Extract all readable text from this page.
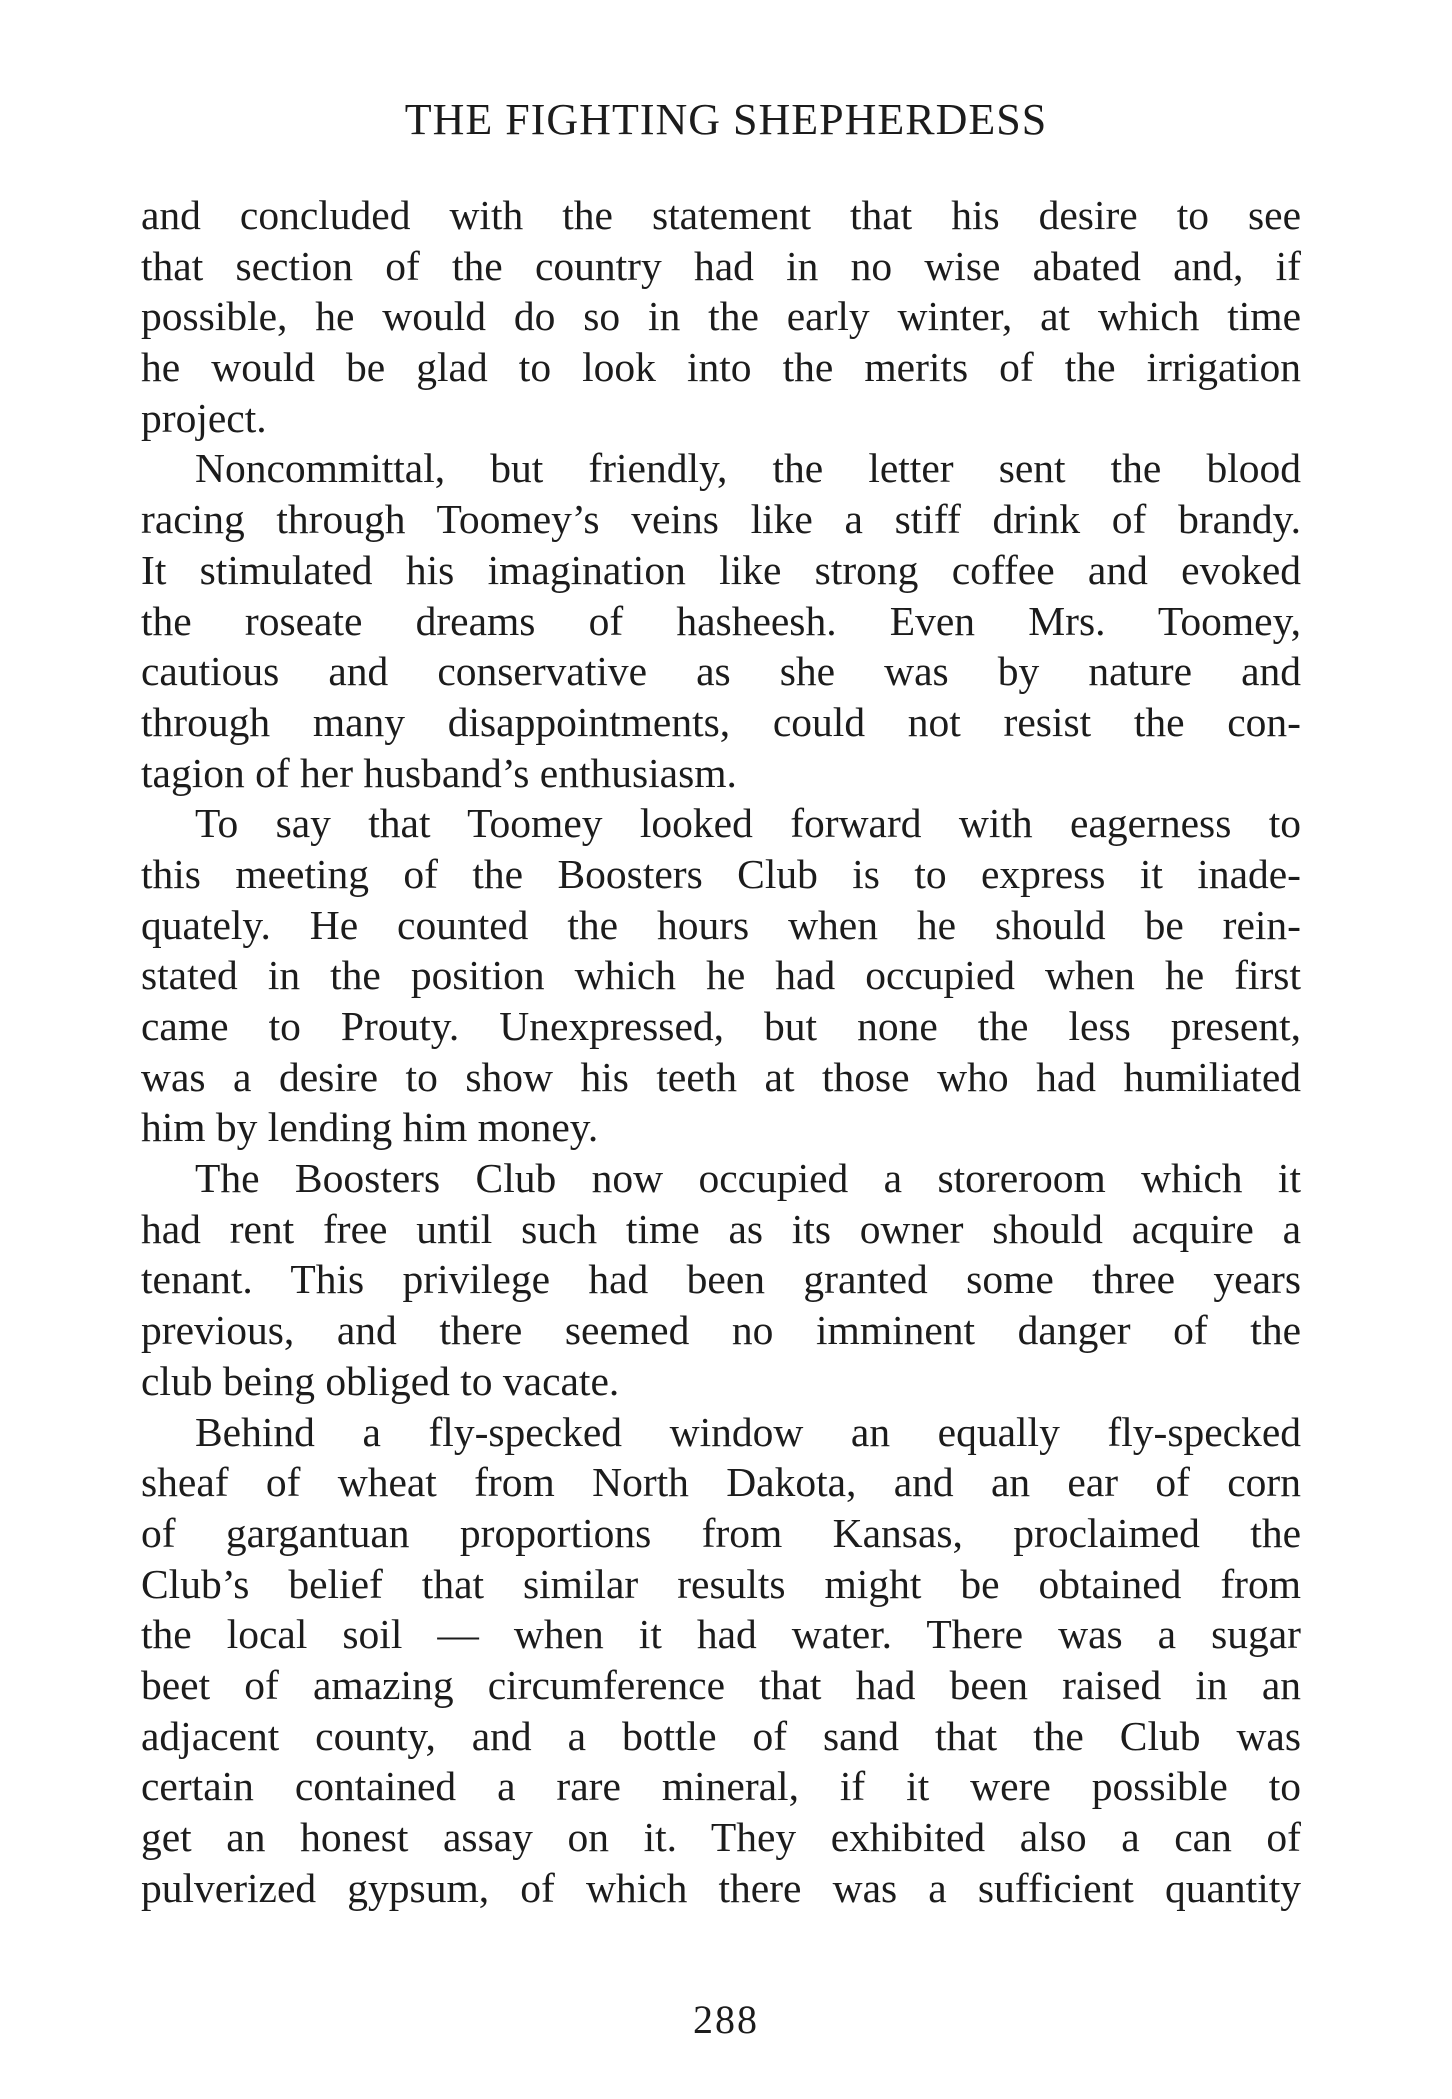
THE FIGHTING SHEPHERDESS
and concluded with the statement that his desire to see
that section of the country had in no wise abated and, if
possible, he would do so in the early winter, at which time
he would be glad to look into the merits of the irrigation
project.
Noncommittal, but friendly, the letter sent the blood
racing through Toomey’s veins like a stiff drink of brandy.
It stimulated his imagination like strong coffee and evoked
the roseate dreams of hasheesh. Even Mrs. Toomey,
cautious and conservative as she was by nature and
through many disappointments, could not resist the con-
tagion of her husband’s enthusiasm.
To say that Toomey looked forward with eagerness to
this meeting of the Boosters Club is to express it inade-
quately. He counted the hours when he should be rein-
stated in the position which he had occupied when he first
came to Prouty. Unexpressed, but none the less present,
was a desire to show his teeth at those who had humiliated
him by lending him money.
The Boosters Club now occupied a storeroom which it
had rent free until such time as its owner should acquire a
tenant. This privilege had been granted some three years
previous, and there seemed no imminent danger of the
club being obliged to vacate.
Behind a fly-specked window an equally fly-specked
sheaf of wheat from North Dakota, and an ear of corn
of gargantuan proportions from Kansas, proclaimed the
Club’s belief that similar results might be obtained from
the local soil — when it had water. There was a sugar
beet of amazing circumference that had been raised in an
adjacent county, and a bottle of sand that the Club was
certain contained a rare mineral, if it were possible to
get an honest assay on it. They exhibited also a can of
pulverized gypsum, of which there was a sufficient quantity
288
